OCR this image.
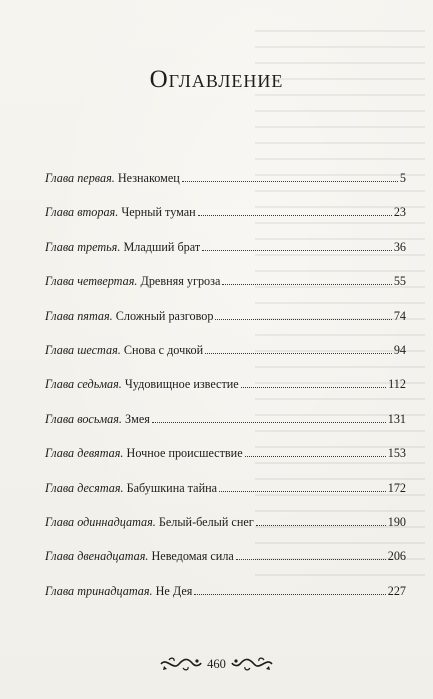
Оглавление
Глава первая. Незнакомец	5
Глава вторая. Черный туман	23
Глава третья. Младший брат	36
Глава четвертая. Древняя угроза	55
Глава пятая. Сложный разговор	74
Глава шестая. Снова с дочкой	94
Глава седьмая. Чудовищное известие	112
Глава восьмая. Змея	131
Глава девятая. Ночное происшествие	153
Глава десятая. Бабушкина тайна	172
Глава одиннадцатая. Белый-белый снег	190
Глава двенадцатая. Неведомая сила	206
Глава тринадцатая. Не Дея	227
460
